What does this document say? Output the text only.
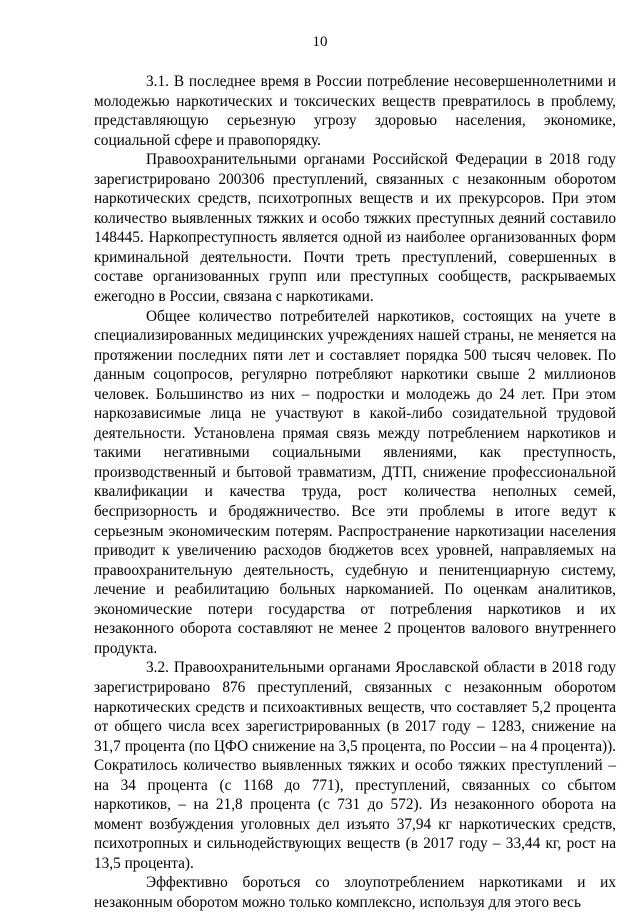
10

3.1. В последнее время в России потребление несовершеннолетними и молодежью наркотических и токсических веществ превратилось в проблему, представляющую серьезную угрозу здоровью населения, экономике, социальной сфере и правопорядку.

Правоохранительными органами Российской Федерации в 2018 году зарегистрировано 200306 преступлений, связанных с незаконным оборотом наркотических средств, психотропных веществ и их прекурсоров. При этом количество выявленных тяжких и особо тяжких преступных деяний составило 148445. Наркопреступность является одной из наиболее организованных форм криминальной деятельности. Почти треть преступлений, совершенных в составе организованных групп или преступных сообществ, раскрываемых ежегодно в России, связана с наркотиками.

Общее количество потребителей наркотиков, состоящих на учете в специализированных медицинских учреждениях нашей страны, не меняется на протяжении последних пяти лет и составляет порядка 500 тысяч человек. По данным соцопросов, регулярно потребляют наркотики свыше 2 миллионов человек. Большинство из них – подростки и молодежь до 24 лет. При этом наркозависимые лица не участвуют в какой-либо созидательной трудовой деятельности. Установлена прямая связь между потреблением наркотиков и такими негативными социальными явлениями, как преступность, производственный и бытовой травматизм, ДТП, снижение профессиональной квалификации и качества труда, рост количества неполных семей, беспризорность и бродяжничество. Все эти проблемы в итоге ведут к серьезным экономическим потерям. Распространение наркотизации населения приводит к увеличению расходов бюджетов всех уровней, направляемых на правоохранительную деятельность, судебную и пенитенциарную систему, лечение и реабилитацию больных наркоманией. По оценкам аналитиков, экономические потери государства от потребления наркотиков и их незаконного оборота составляют не менее 2 процентов валового внутреннего продукта.

3.2. Правоохранительными органами Ярославской области в 2018 году зарегистрировано 876 преступлений, связанных с незаконным оборотом наркотических средств и психоактивных веществ, что составляет 5,2 процента от общего числа всех зарегистрированных (в 2017 году – 1283, снижение на 31,7 процента (по ЦФО снижение на 3,5 процента, по России – на 4 процента)). Сократилось количество выявленных тяжких и особо тяжких преступлений – на 34 процента (с 1168 до 771), преступлений, связанных со сбытом наркотиков, – на 21,8 процента (с 731 до 572). Из незаконного оборота на момент возбуждения уголовных дел изъято 37,94 кг наркотических средств, психотропных и сильнодействующих веществ (в 2017 году – 33,44 кг, рост на 13,5 процента).

Эффективно бороться со злоупотреблением наркотиками и их незаконным оборотом можно только комплексно, используя для этого весь
